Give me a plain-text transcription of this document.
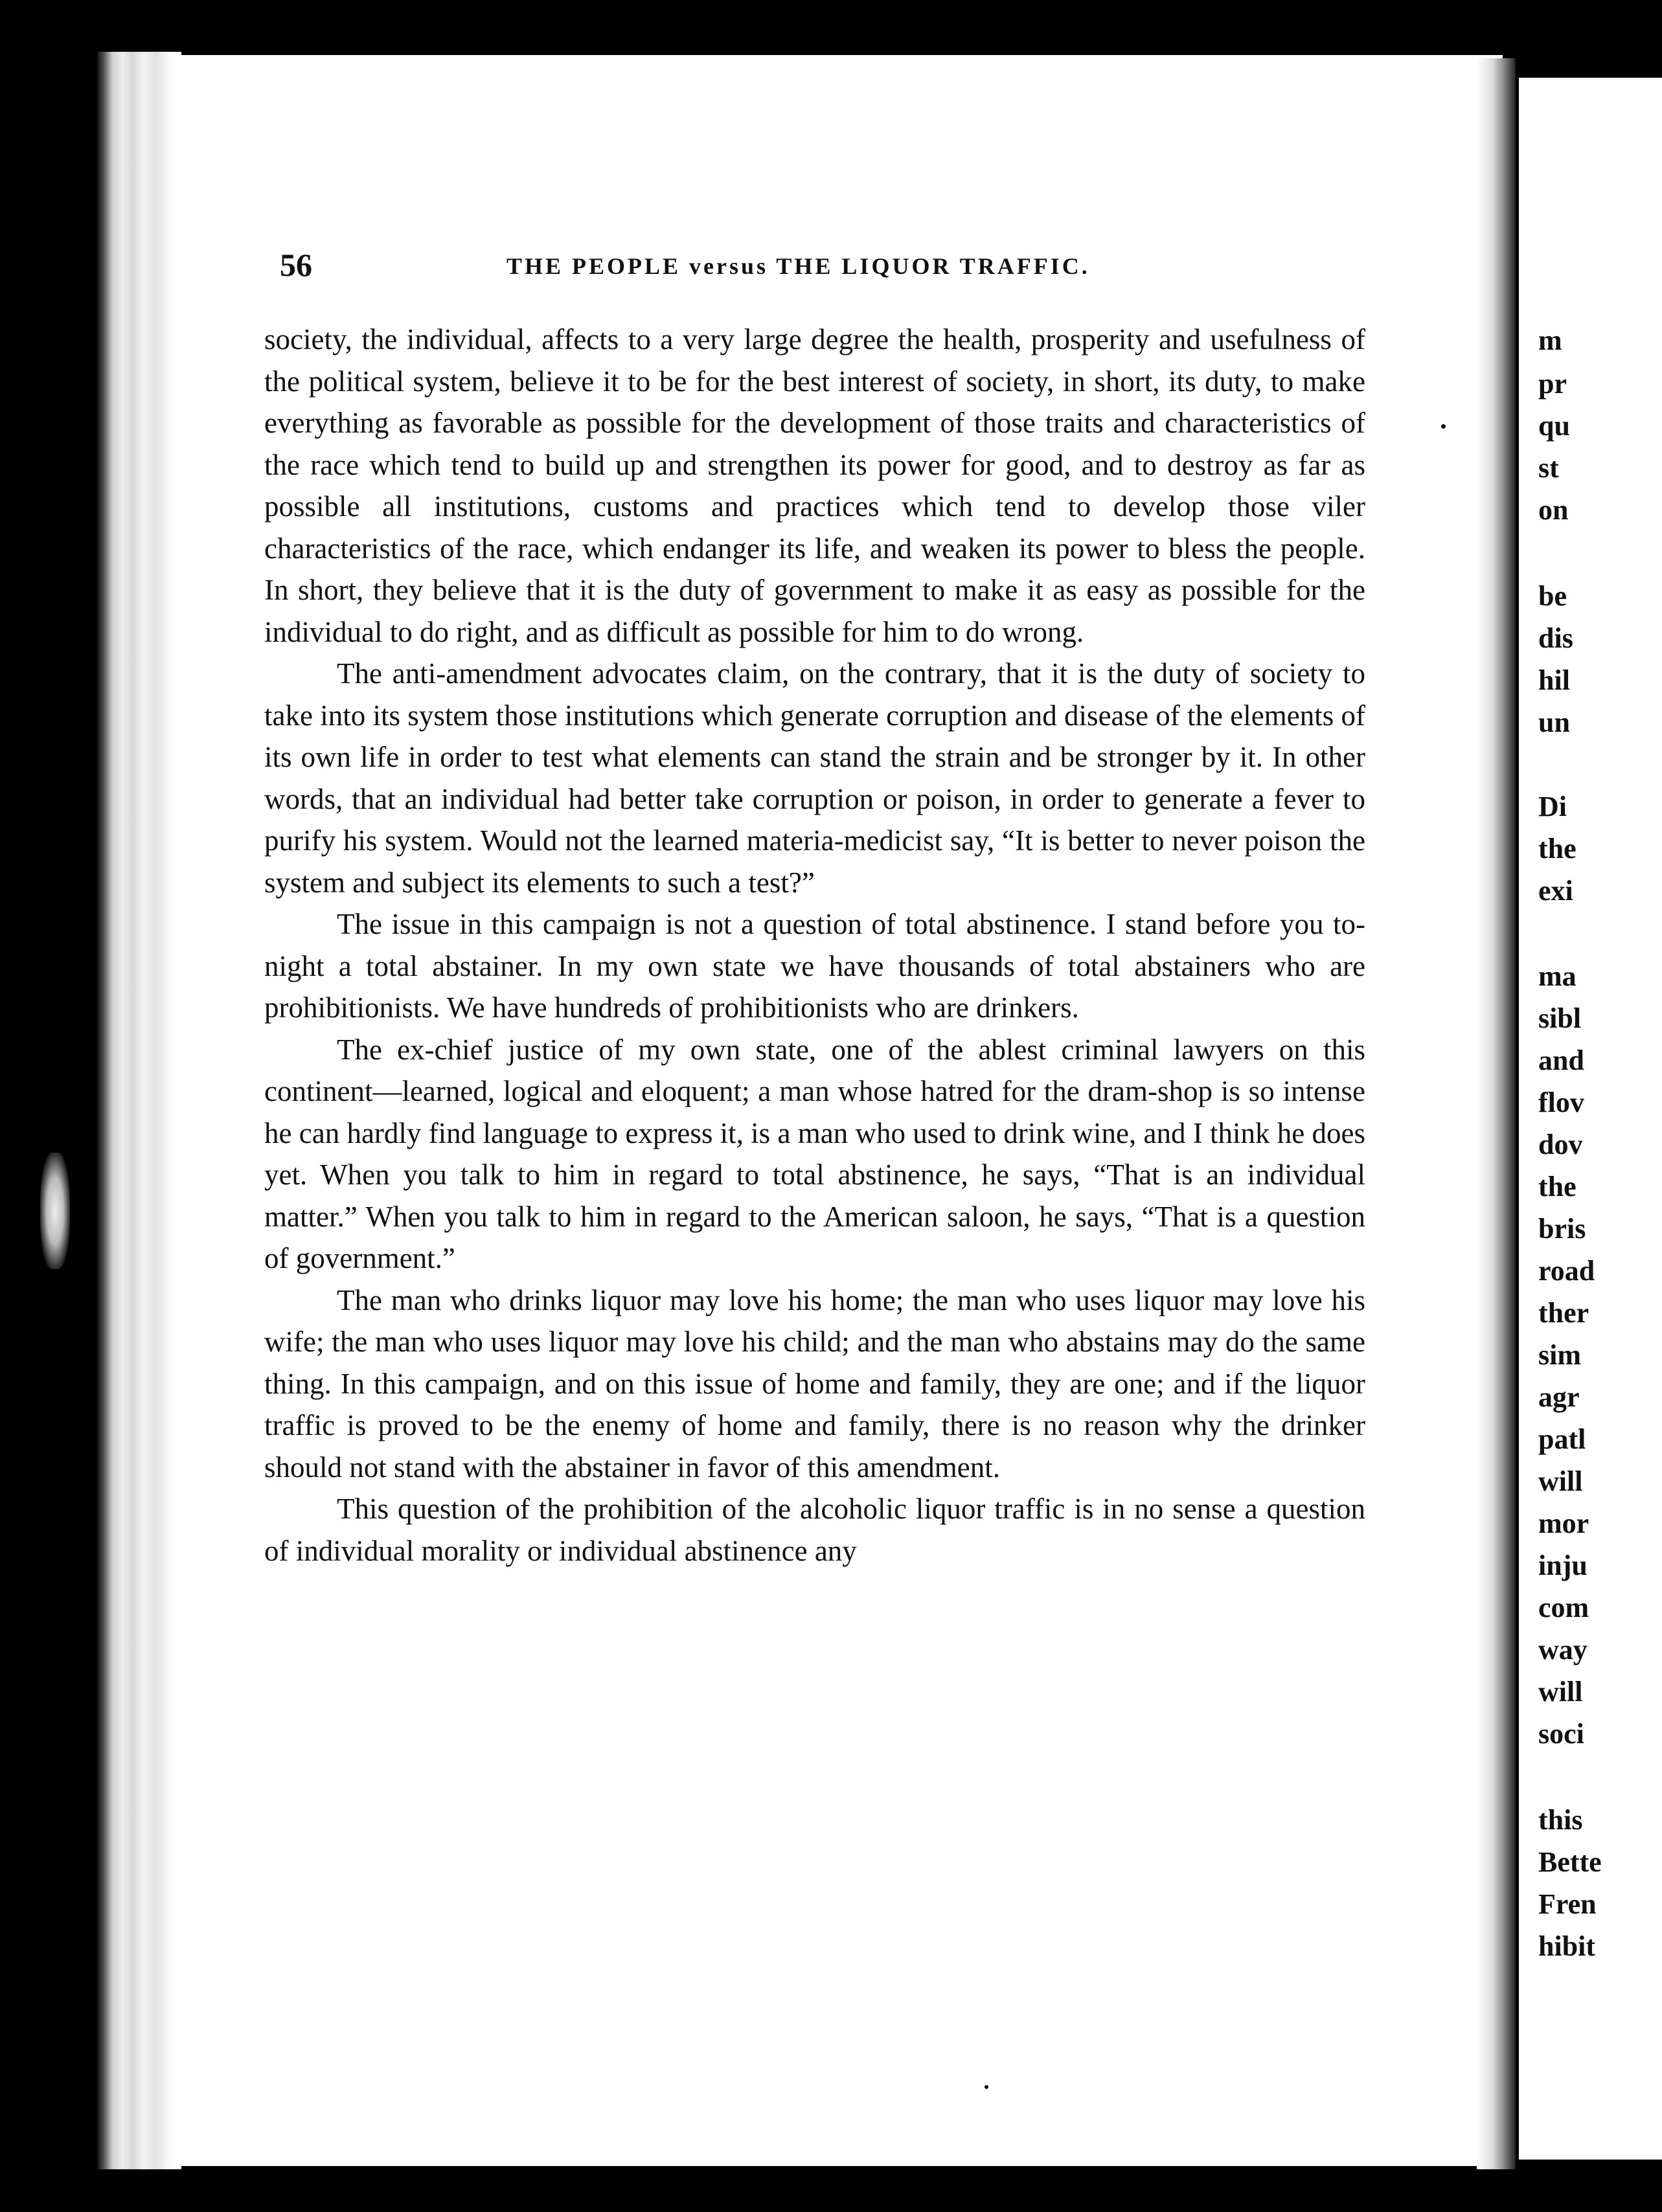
56	THE PEOPLE versus THE LIQUOR TRAFFIC.

society, the individual, affects to a very large degree the health, prosperity and usefulness of the political system, believe it to be for the best interest of society, in short, its duty, to make everything as favorable as possible for the development of those traits and characteristics of the race which tend to build up and strengthen its power for good, and to destroy as far as possible all institutions, customs and practices which tend to develop those viler characteristics of the race, which endanger its life, and weaken its power to bless the people. In short, they believe that it is the duty of government to make it as easy as possible for the individual to do right, and as difficult as possible for him to do wrong.

The anti-amendment advocates claim, on the contrary, that it is the duty of society to take into its system those institutions which generate corruption and disease of the elements of its own life in order to test what elements can stand the strain and be stronger by it. In other words, that an individual had better take corruption or poison, in order to generate a fever to purify his system. Would not the learned materia-medicist say, “It is better to never poison the system and subject its elements to such a test?”

The issue in this campaign is not a question of total abstinence. I stand before you to-night a total abstainer. In my own state we have thousands of total abstainers who are prohibitionists. We have hundreds of prohibitionists who are drinkers.

The ex-chief justice of my own state, one of the ablest criminal lawyers on this continent—learned, logical and eloquent; a man whose hatred for the dram-shop is so intense he can hardly find language to express it, is a man who used to drink wine, and I think he does yet. When you talk to him in regard to total abstinence, he says, “That is an individual matter.” When you talk to him in regard to the American saloon, he says, “That is a question of government.”

The man who drinks liquor may love his home; the man who uses liquor may love his wife; the man who uses liquor may love his child; and the man who abstains may do the same thing. In this campaign, and on this issue of home and family, they are one; and if the liquor traffic is proved to be the enemy of home and family, there is no reason why the drinker should not stand with the abstainer in favor of this amendment.

This question of the prohibition of the alcoholic liquor traffic is in no sense a question of individual morality or individual abstinence any

m
pr
qu
st
on
be
dis
hil
un
Di
the
exi
ma
sibl
and
flov
dov
the
bris
road
ther
sim
agr
patl
will
mor
inju
com
way
will
soci
this
Bette
Fren
hibit
